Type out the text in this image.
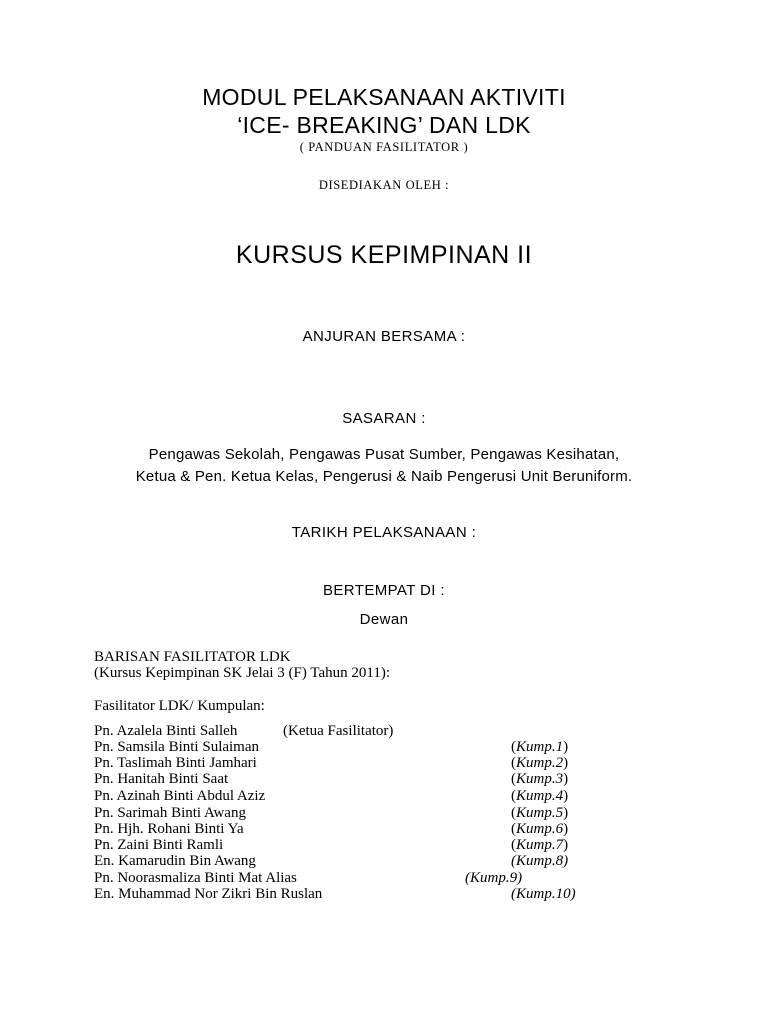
MODUL PELAKSANAAN AKTIVITI
‘ICE- BREAKING’ DAN LDK
( PANDUAN FASILITATOR )
DISEDIAKAN OLEH :
KURSUS KEPIMPINAN II
ANJURAN BERSAMA :
SASARAN :
Pengawas Sekolah, Pengawas Pusat Sumber, Pengawas Kesihatan,
Ketua & Pen. Ketua Kelas, Pengerusi & Naib Pengerusi Unit Beruniform.
TARIKH PELAKSANAAN :
BERTEMPAT DI :
Dewan
BARISAN FASILITATOR LDK
(Kursus Kepimpinan SK Jelai 3 (F) Tahun 2011):
Fasilitator LDK/ Kumpulan:
Pn. Azalela Binti Salleh	(Ketua Fasilitator)
Pn. Samsila Binti Sulaiman	(Kump.1)
Pn. Taslimah Binti Jamhari	(Kump.2)
Pn. Hanitah Binti Saat	(Kump.3)
Pn. Azinah Binti Abdul Aziz	(Kump.4)
Pn. Sarimah Binti Awang	(Kump.5)
Pn. Hjh. Rohani Binti Ya	(Kump.6)
Pn. Zaini Binti Ramli	(Kump.7)
En. Kamarudin Bin Awang	(Kump.8)
Pn. Noorasmaliza Binti Mat Alias	(Kump.9)
En. Muhammad Nor Zikri Bin Ruslan	(Kump.10)
